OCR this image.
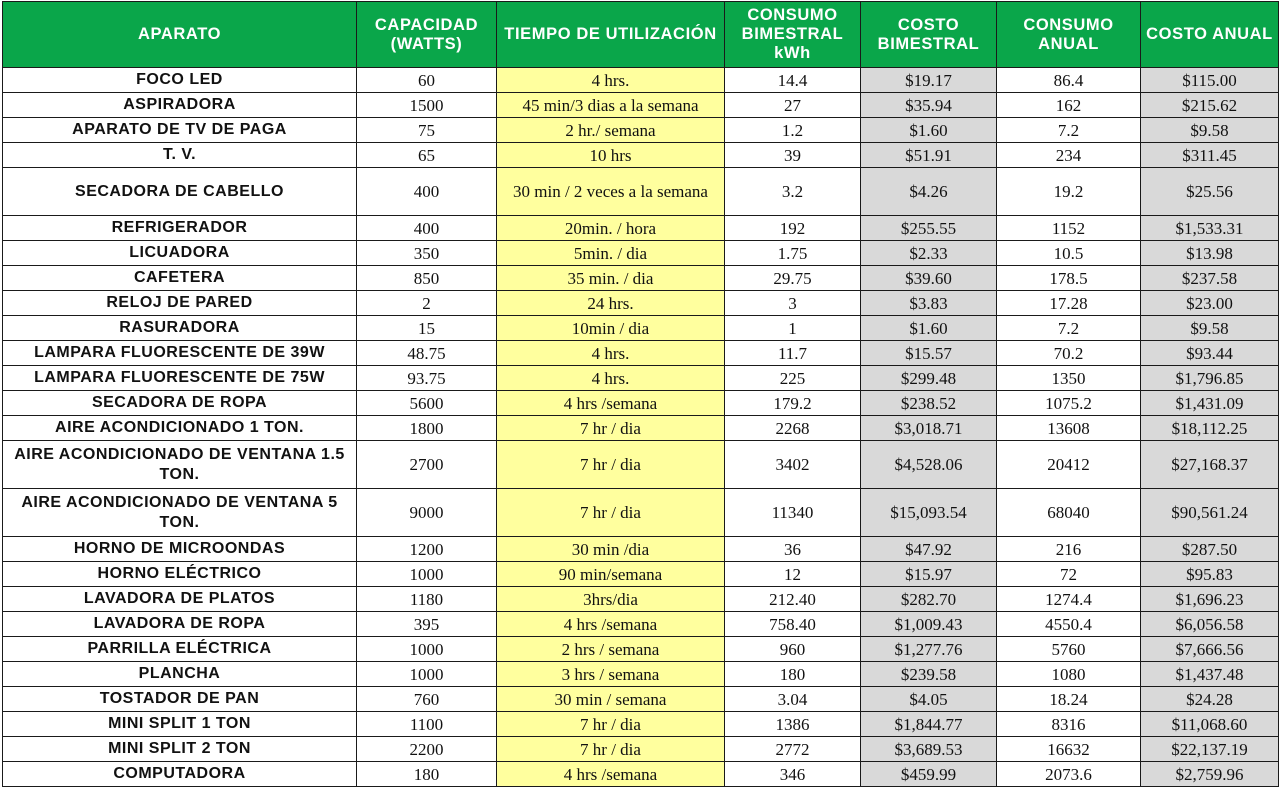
APARATO	CAPACIDAD (WATTS)	TIEMPO DE UTILIZACIÓN	CONSUMO BIMESTRAL kWh	COSTO BIMESTRAL	CONSUMO ANUAL	COSTO ANUAL
FOCO LED	60	4 hrs.	14.4	$19.17	86.4	$115.00
ASPIRADORA	1500	45 min/3 dias a la semana	27	$35.94	162	$215.62
APARATO DE TV DE PAGA	75	2 hr./ semana	1.2	$1.60	7.2	$9.58
T. V.	65	10 hrs	39	$51.91	234	$311.45
SECADORA DE CABELLO	400	30 min / 2 veces a la semana	3.2	$4.26	19.2	$25.56
REFRIGERADOR	400	20min. / hora	192	$255.55	1152	$1,533.31
LICUADORA	350	5min. / dia	1.75	$2.33	10.5	$13.98
CAFETERA	850	35 min. / dia	29.75	$39.60	178.5	$237.58
RELOJ DE PARED	2	24 hrs.	3	$3.83	17.28	$23.00
RASURADORA	15	10min / dia	1	$1.60	7.2	$9.58
LAMPARA FLUORESCENTE DE 39W	48.75	4 hrs.	11.7	$15.57	70.2	$93.44
LAMPARA FLUORESCENTE DE 75W	93.75	4 hrs.	225	$299.48	1350	$1,796.85
SECADORA DE ROPA	5600	4 hrs /semana	179.2	$238.52	1075.2	$1,431.09
AIRE ACONDICIONADO 1 TON.	1800	7 hr / dia	2268	$3,018.71	13608	$18,112.25
AIRE ACONDICIONADO DE VENTANA 1.5 TON.	2700	7 hr / dia	3402	$4,528.06	20412	$27,168.37
AIRE ACONDICIONADO DE VENTANA 5 TON.	9000	7 hr / dia	11340	$15,093.54	68040	$90,561.24
HORNO DE MICROONDAS	1200	30 min /dia	36	$47.92	216	$287.50
HORNO ELÉCTRICO	1000	90 min/semana	12	$15.97	72	$95.83
LAVADORA DE PLATOS	1180	3hrs/dia	212.40	$282.70	1274.4	$1,696.23
LAVADORA DE ROPA	395	4 hrs /semana	758.40	$1,009.43	4550.4	$6,056.58
PARRILLA ELÉCTRICA	1000	2 hrs / semana	960	$1,277.76	5760	$7,666.56
PLANCHA	1000	3 hrs / semana	180	$239.58	1080	$1,437.48
TOSTADOR DE PAN	760	30 min / semana	3.04	$4.05	18.24	$24.28
MINI SPLIT 1 TON	1100	7 hr / dia	1386	$1,844.77	8316	$11,068.60
MINI SPLIT 2 TON	2200	7 hr / dia	2772	$3,689.53	16632	$22,137.19
COMPUTADORA	180	4 hrs /semana	346	$459.99	2073.6	$2,759.96
